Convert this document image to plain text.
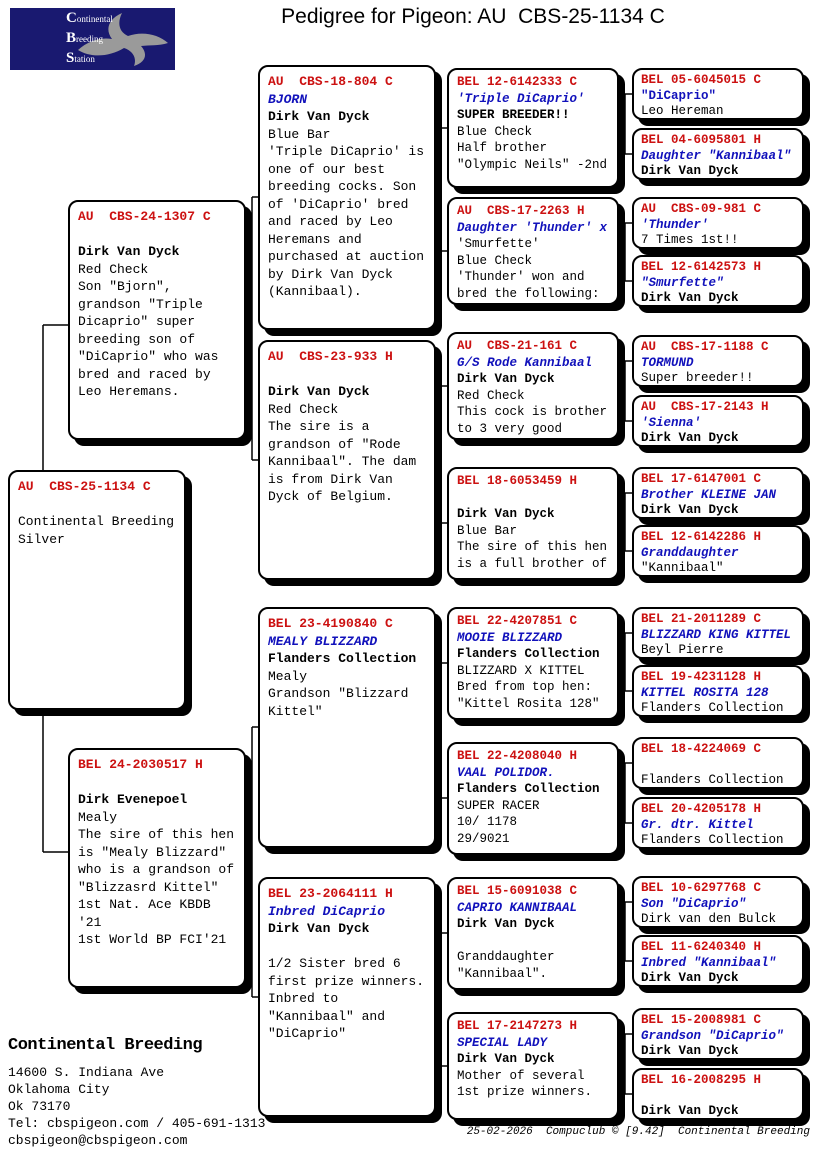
Continental
Breeding
Station
Pedigree for Pigeon: AU  CBS-25-1134 C
AU  CBS-25-1134 C

Continental Breeding
Silver
AU  CBS-24-1307 C

Dirk Van Dyck
Red Check
Son "Bjorn",
grandson "Triple
Dicaprio" super
breeding son of
"DiCaprio" who was
bred and raced by
Leo Heremans.
BEL 24-2030517 H

Dirk Evenepoel
Mealy
The sire of this hen
is "Mealy Blizzard"
who is a grandson of
"Blizzasrd Kittel"
1st Nat. Ace KBDB
'21
1st World BP FCI'21
AU  CBS-18-804 C
BJORN
Dirk Van Dyck
Blue Bar
'Triple DiCaprio' is
one of our best
breeding cocks. Son
of 'DiCaprio' bred
and raced by Leo
Heremans and
purchased at auction
by Dirk Van Dyck
(Kannibaal).
AU  CBS-23-933 H

Dirk Van Dyck
Red Check
The sire is a
grandson of "Rode
Kannibaal". The dam
is from Dirk Van
Dyck of Belgium.
BEL 23-4190840 C
MEALY BLIZZARD
Flanders Collection
Mealy
Grandson "Blizzard
Kittel"
BEL 23-2064111 H
Inbred DiCaprio
Dirk Van Dyck

1/2 Sister bred 6
first prize winners.
Inbred to
"Kannibaal" and
"DiCaprio"
BEL 12-6142333 C
'Triple DiCaprio'
SUPER BREEDER!!
Blue Check
Half brother
"Olympic Neils" -2nd
AU  CBS-17-2263 H
Daughter 'Thunder' x
'Smurfette'
Blue Check
'Thunder' won and
bred the following:
AU  CBS-21-161 C
G/S Rode Kannibaal
Dirk Van Dyck
Red Check
This cock is brother
to 3 very good
BEL 18-6053459 H

Dirk Van Dyck
Blue Bar
The sire of this hen
is a full brother of
BEL 22-4207851 C
MOOIE BLIZZARD
Flanders Collection
BLIZZARD X KITTEL
Bred from top hen:
"Kittel Rosita 128"
BEL 22-4208040 H
VAAL POLIDOR.
Flanders Collection
SUPER RACER
10/ 1178
29/9021
BEL 15-6091038 C
CAPRIO KANNIBAAL
Dirk Van Dyck

Granddaughter
"Kannibaal".
BEL 17-2147273 H
SPECIAL LADY
Dirk Van Dyck
Mother of several
1st prize winners.
BEL 05-6045015 C
"DiCaprio"
Leo Hereman
BEL 04-6095801 H
Daughter "Kannibaal"
Dirk Van Dyck
AU  CBS-09-981 C
'Thunder'
7 Times 1st!!
BEL 12-6142573 H
"Smurfette"
Dirk Van Dyck
AU  CBS-17-1188 C
TORMUND
Super breeder!!
AU  CBS-17-2143 H
'Sienna'
Dirk Van Dyck
BEL 17-6147001 C
Brother KLEINE JAN
Dirk Van Dyck
BEL 12-6142286 H
Granddaughter
"Kannibaal"
BEL 21-2011289 C
BLIZZARD KING KITTEL
Beyl Pierre
BEL 19-4231128 H
KITTEL ROSITA 128
Flanders Collection
BEL 18-4224069 C

Flanders Collection
BEL 20-4205178 H
Gr. dtr. Kittel
Flanders Collection
BEL 10-6297768 C
Son "DiCaprio"
Dirk van den Bulck
BEL 11-6240340 H
Inbred "Kannibaal"
Dirk Van Dyck
BEL 15-2008981 C
Grandson "DiCaprio"
Dirk Van Dyck
BEL 16-2008295 H

Dirk Van Dyck
Continental Breeding
14600 S. Indiana Ave
Oklahoma City
Ok 73170
Tel: cbspigeon.com / 405-691-1313
cbspigeon@cbspigeon.com
25-02-2026  Compuclub © [9.42]  Continental Breeding
